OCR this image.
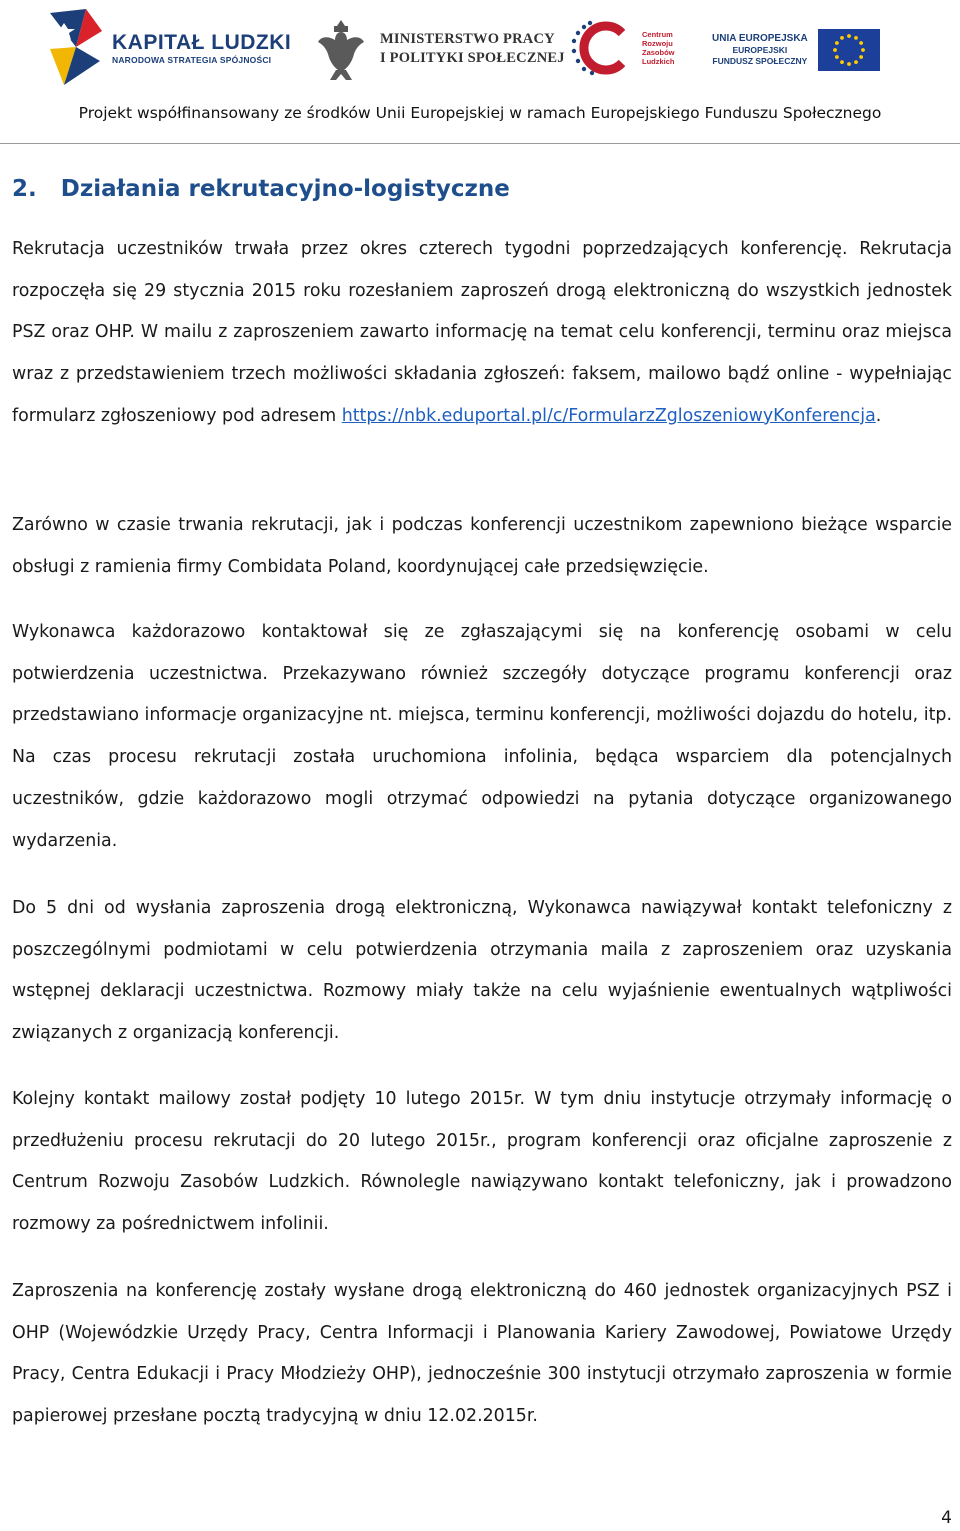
KAPITAŁ LUDZKI
NARODOWA STRATEGIA SPÓJNOŚCI
MINISTERSTWO PRACY
I POLITYKI SPOŁECZNEJ
Centrum
Rozwoju
Zasobów
Ludzkich
UNIA EUROPEJSKA
EUROPEJSKI
FUNDUSZ SPOŁECZNY
Projekt współfinansowany ze środków Unii Europejskiej w ramach Europejskiego Funduszu Społecznego
2. Działania rekrutacyjno-logistyczne

Rekrutacja uczestników trwała przez okres czterech tygodni poprzedzających konferencję. Rekrutacja rozpoczęła się 29 stycznia 2015 roku rozesłaniem zaproszeń drogą elektroniczną do wszystkich jednostek PSZ oraz OHP. W mailu z zaproszeniem zawarto informację na temat celu konferencji, terminu oraz miejsca wraz z przedstawieniem trzech możliwości składania zgłoszeń: faksem, mailowo bądź online - wypełniając formularz zgłoszeniowy pod adresem https://nbk.eduportal.pl/c/FormularzZgloszeniowyKonferencja.

Zarówno w czasie trwania rekrutacji, jak i podczas konferencji uczestnikom zapewniono bieżące wsparcie obsługi z ramienia firmy Combidata Poland, koordynującej całe przedsięwzięcie.

Wykonawca każdorazowo kontaktował się ze zgłaszającymi się na konferencję osobami w celu potwierdzenia uczestnictwa. Przekazywano również szczegóły dotyczące programu konferencji oraz przedstawiano informacje organizacyjne nt. miejsca, terminu konferencji, możliwości dojazdu do hotelu, itp. Na czas procesu rekrutacji została uruchomiona infolinia, będąca wsparciem dla potencjalnych uczestników, gdzie każdorazowo mogli otrzymać odpowiedzi na pytania dotyczące organizowanego wydarzenia.

Do 5 dni od wysłania zaproszenia drogą elektroniczną, Wykonawca nawiązywał kontakt telefoniczny z poszczególnymi podmiotami w celu potwierdzenia otrzymania maila z zaproszeniem oraz uzyskania wstępnej deklaracji uczestnictwa. Rozmowy miały także na celu wyjaśnienie ewentualnych wątpliwości związanych z organizacją konferencji.

Kolejny kontakt mailowy został podjęty 10 lutego 2015r. W tym dniu instytucje otrzymały informację o przedłużeniu procesu rekrutacji do 20 lutego 2015r., program konferencji oraz oficjalne zaproszenie z Centrum Rozwoju Zasobów Ludzkich. Równolegle nawiązywano kontakt telefoniczny, jak i prowadzono rozmowy za pośrednictwem infolinii.

Zaproszenia na konferencję zostały wysłane drogą elektroniczną do 460 jednostek organizacyjnych PSZ i OHP (Wojewódzkie Urzędy Pracy, Centra Informacji i Planowania Kariery Zawodowej, Powiatowe Urzędy Pracy, Centra Edukacji i Pracy Młodzieży OHP), jednocześnie 300 instytucji otrzymało zaproszenia w formie papierowej przesłane pocztą tradycyjną w dniu 12.02.2015r.

4
